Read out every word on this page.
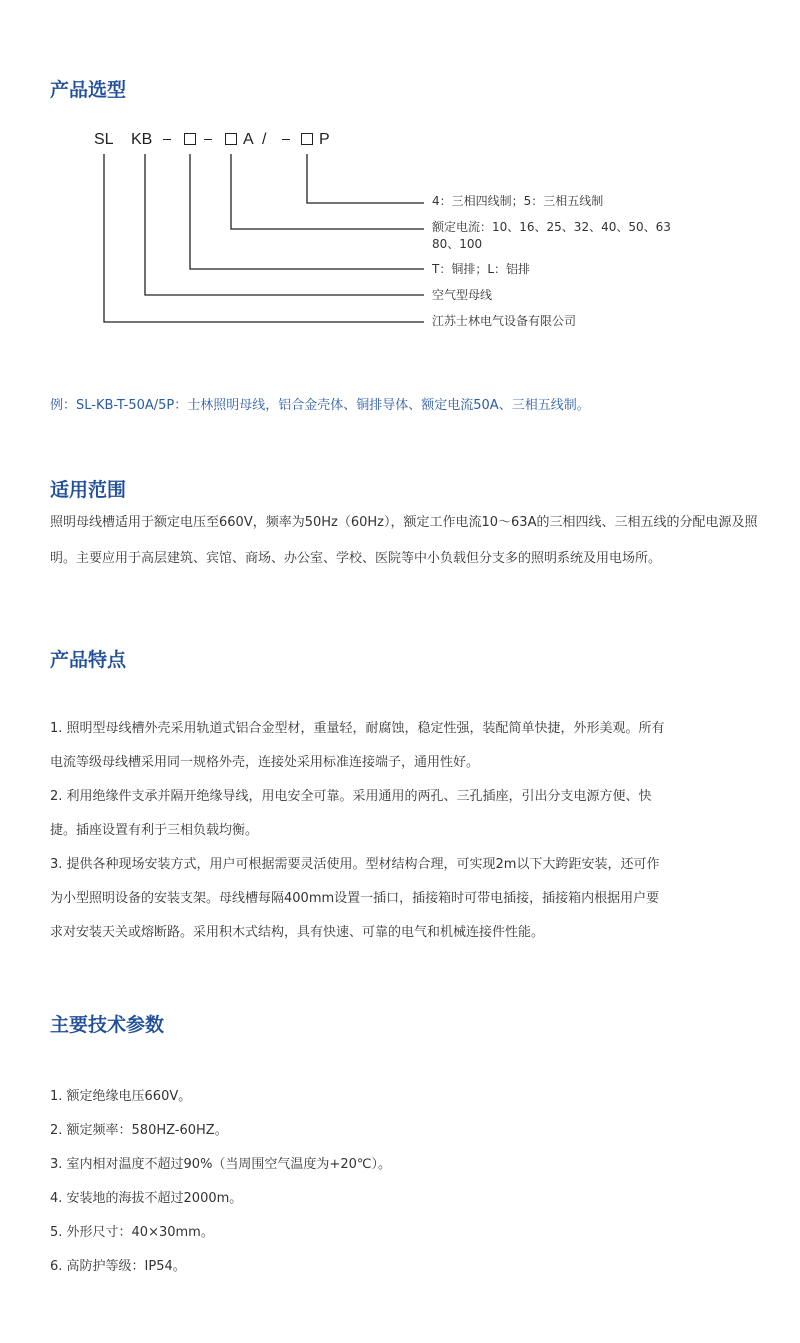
产品选型
SL KB	A /	P
4：三相四线制；5：三相五线制
额定电流：10、16、25、32、40、50、63
80、100
T：铜排；L：铝排
空气型母线
江苏士林电气设备有限公司

例：SL-KB-T-50A/5P：士林照明母线，铝合金壳体、铜排导体、额定电流50A、三相五线制。

适用范围

照明母线槽适用于额定电压至660V，频率为50Hz（60Hz），额定工作电流10～63A的三相四线、三相五线的分配电源及照明。主要应用于高层建筑、宾馆、商场、办公室、学校、医院等中小负载但分支多的照明系统及用电场所。

产品特点
1. 照明型母线槽外壳采用轨道式铝合金型材，重量轻，耐腐蚀，稳定性强，装配简单快捷，外形美观。所有
电流等级母线槽采用同一规格外壳，连接处采用标准连接端子，通用性好。
2. 利用绝缘件支承并隔开绝缘导线，用电安全可靠。采用通用的两孔、三孔插座，引出分支电源方便、快
捷。插座设置有利于三相负载均衡。
3. 提供各种现场安装方式，用户可根据需要灵活使用。型材结构合理，可实现2m以下大跨距安装，还可作
为小型照明设备的安装支架。母线槽每隔400mm设置一插口，插接箱时可带电插接，插接箱内根据用户要
求对安装天关或熔断路。采用积木式结构，具有快速、可靠的电气和机械连接件性能。
主要技术参数
1. 额定绝缘电压660V。
2. 额定频率：580HZ-60HZ。
3. 室内相对温度不超过90%（当周围空气温度为+20℃）。
4. 安装地的海拔不超过2000m。
5. 外形尺寸：40×30mm。
6. 高防护等级：IP54。
